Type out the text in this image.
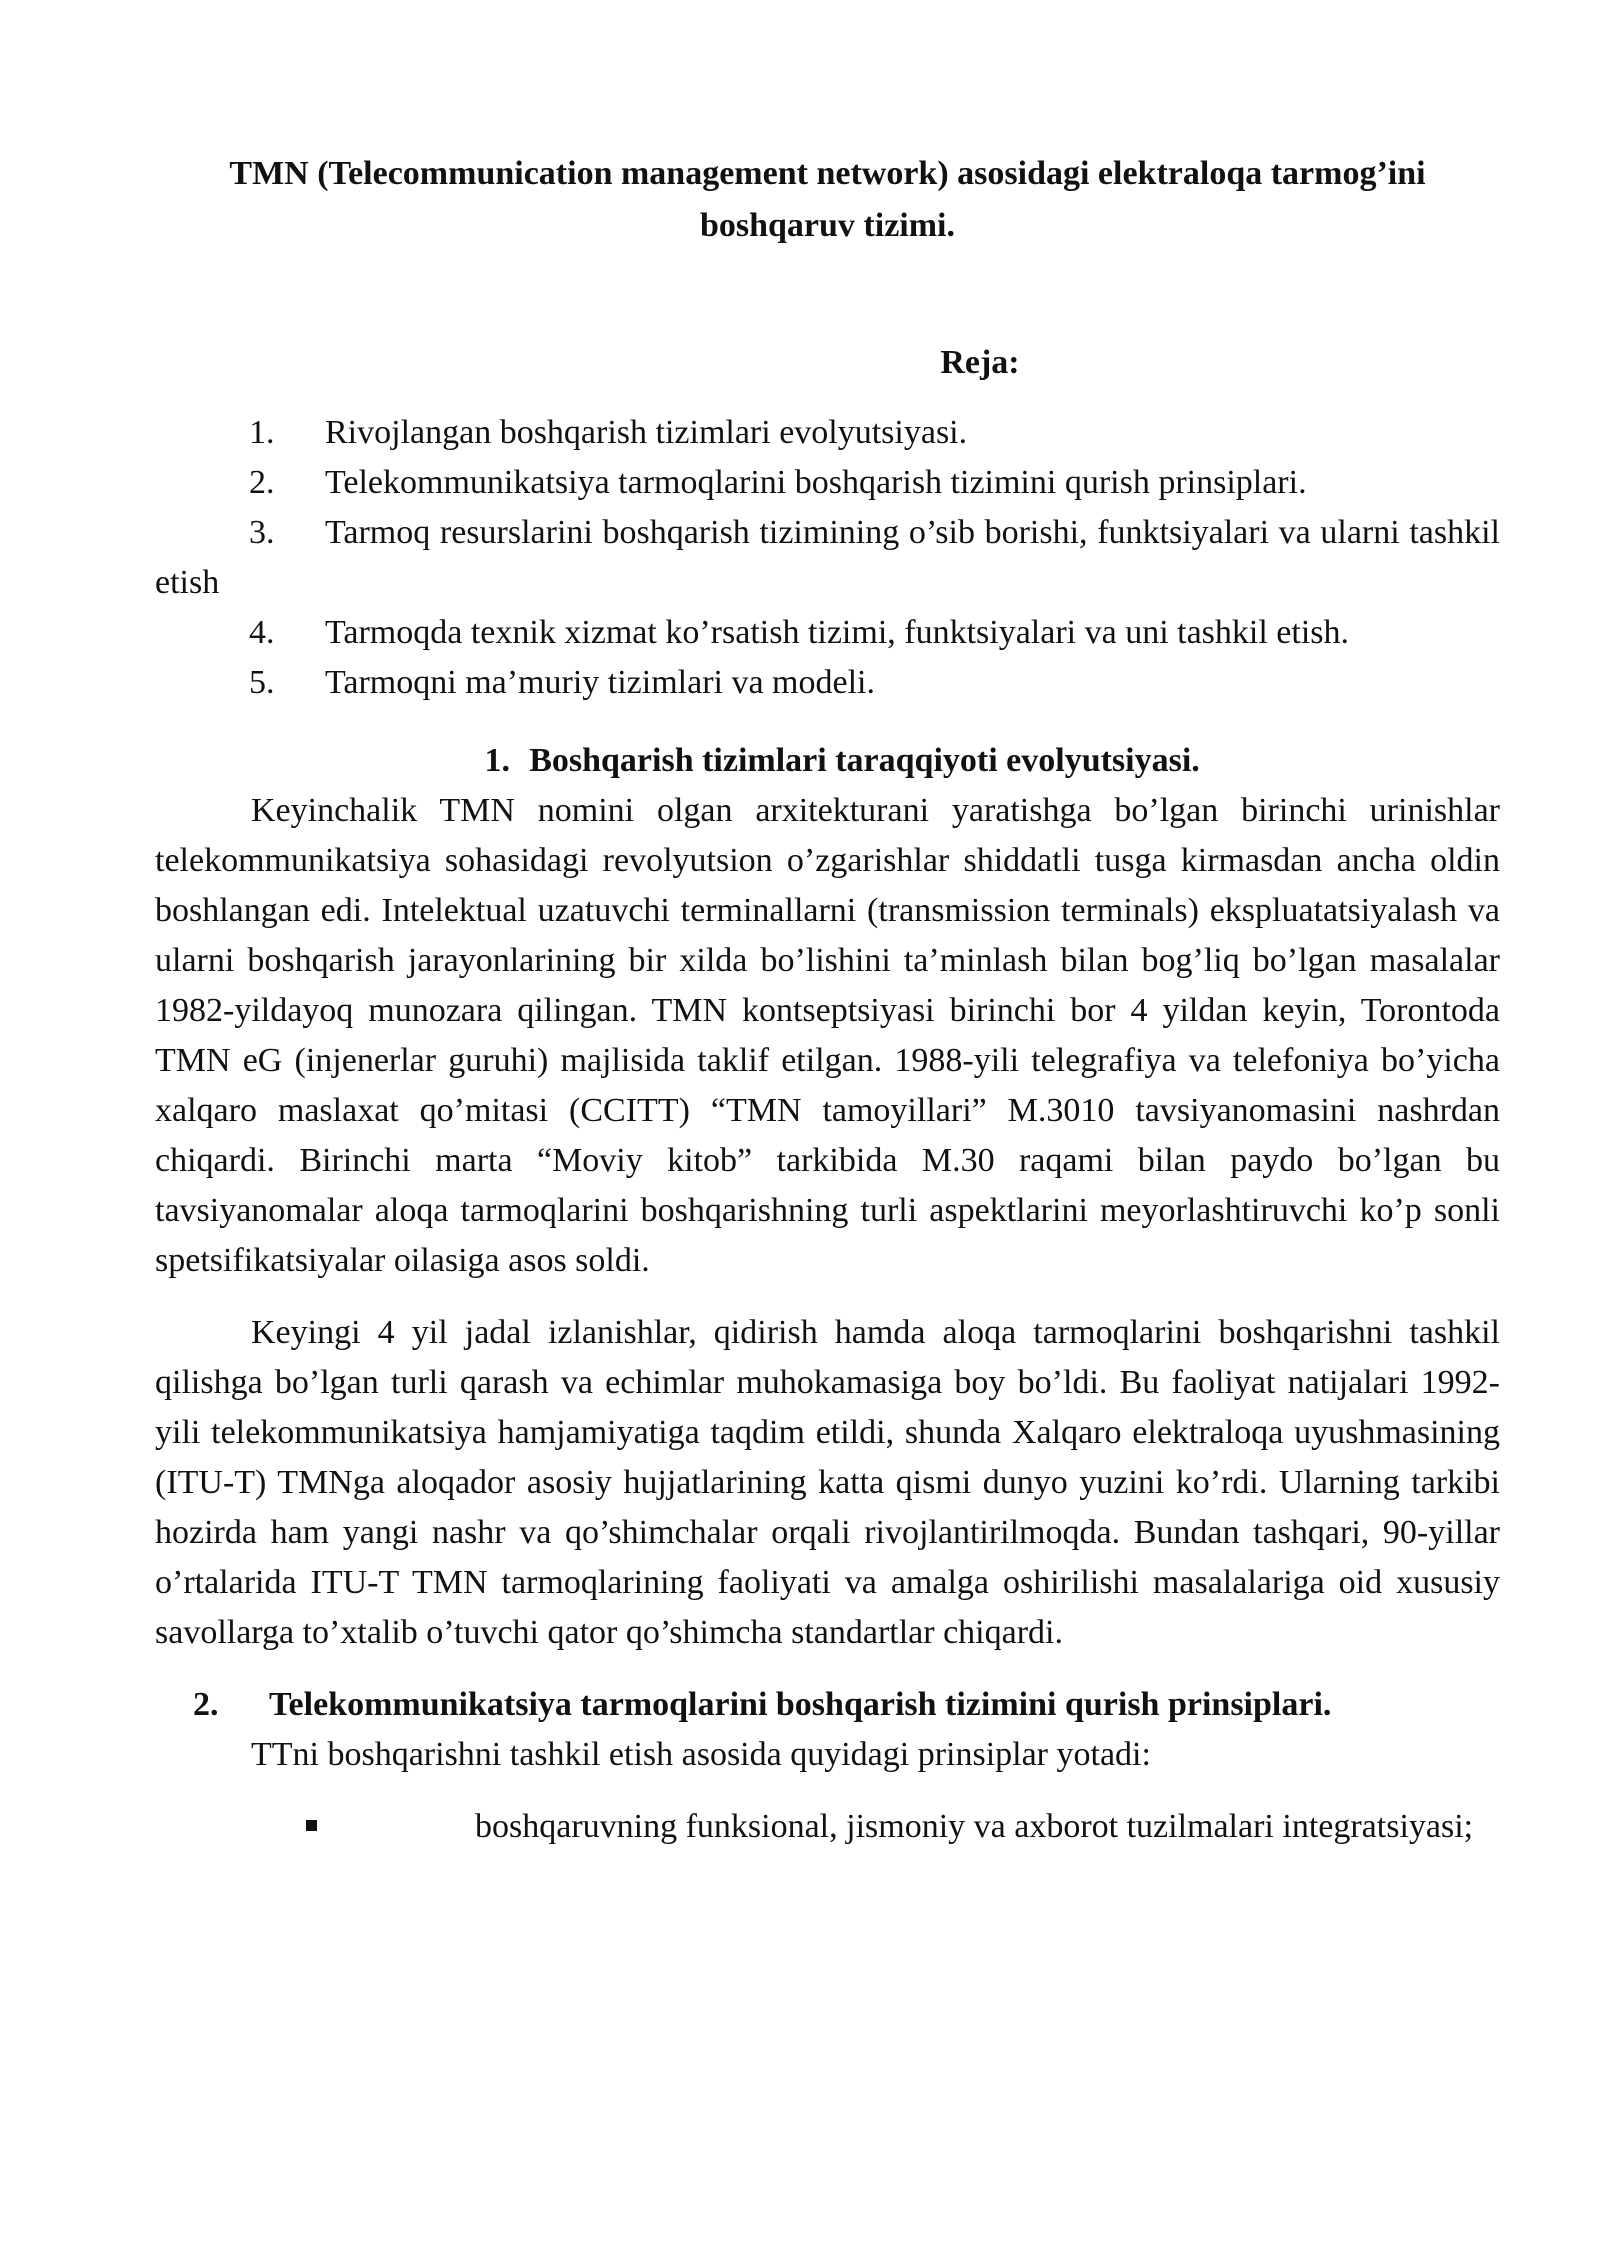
TMN (Telecommunication management network) asosidagi elektraloqa tarmog’ini boshqaruv tizimi.

Reja:

1. Rivojlangan boshqarish tizimlari evolyutsiyasi.
2. Telekommunikatsiya tarmoqlarini boshqarish tizimini qurish prinsiplari.
3. Tarmoq resurslarini boshqarish tizimining o’sib borishi, funktsiyalari va ularni tashkil etish
4. Tarmoqda texnik xizmat ko’rsatish tizimi, funktsiyalari va uni tashkil etish.
5. Tarmoqni ma’muriy tizimlari va modeli.

1. Boshqarish tizimlari taraqqiyoti evolyutsiyasi.

Keyinchalik TMN nomini olgan arxitekturani yaratishga bo’lgan birinchi urinishlar telekommunikatsiya sohasidagi revolyutsion o’zgarishlar shiddatli tusga kirmasdan ancha oldin boshlangan edi. Intelektual uzatuvchi terminallarni (transmission terminals) ekspluatatsiyalash va ularni boshqarish jarayonlarining bir xilda bo’lishini ta’minlash bilan bog’liq bo’lgan masalalar 1982-yildayoq munozara qilingan. TMN kontseptsiyasi birinchi bor 4 yildan keyin, Torontoda TMN eG (injenerlar guruhi) majlisida taklif etilgan. 1988-yili telegrafiya va telefoniya bo’yicha xalqaro maslaxat qo’mitasi (CCITT) “TMN tamoyillari” M.3010 tavsiyanomasini nashrdan chiqardi. Birinchi marta “Moviy kitob” tarkibida M.30 raqami bilan paydo bo’lgan bu tavsiyanomalar aloqa tarmoqlarini boshqarishning turli aspektlarini meyorlashtiruvchi ko’p sonli spetsifikatsiyalar oilasiga asos soldi.

Keyingi 4 yil jadal izlanishlar, qidirish hamda aloqa tarmoqlarini boshqarishni tashkil qilishga bo’lgan turli qarash va echimlar muhokamasiga boy bo’ldi. Bu faoliyat natijalari 1992-yili telekommunikatsiya hamjamiyatiga taqdim etildi, shunda Xalqaro elektraloqa uyushmasining (ITU-T) TMNga aloqador asosiy hujjatlarining katta qismi dunyo yuzini ko’rdi. Ularning tarkibi hozirda ham yangi nashr va qo’shimchalar orqali rivojlantirilmoqda. Bundan tashqari, 90-yillar o’rtalarida ITU-T TMN tarmoqlarining faoliyati va amalga oshirilishi masalalariga oid xususiy savollarga to’xtalib o’tuvchi qator qo’shimcha standartlar chiqardi.

2. Telekommunikatsiya tarmoqlarini boshqarish tizimini qurish prinsiplari.

TTni boshqarishni tashkil etish asosida quyidagi prinsiplar yotadi:

boshqaruvning funksional, jismoniy va axborot tuzilmalari integratsiyasi;
